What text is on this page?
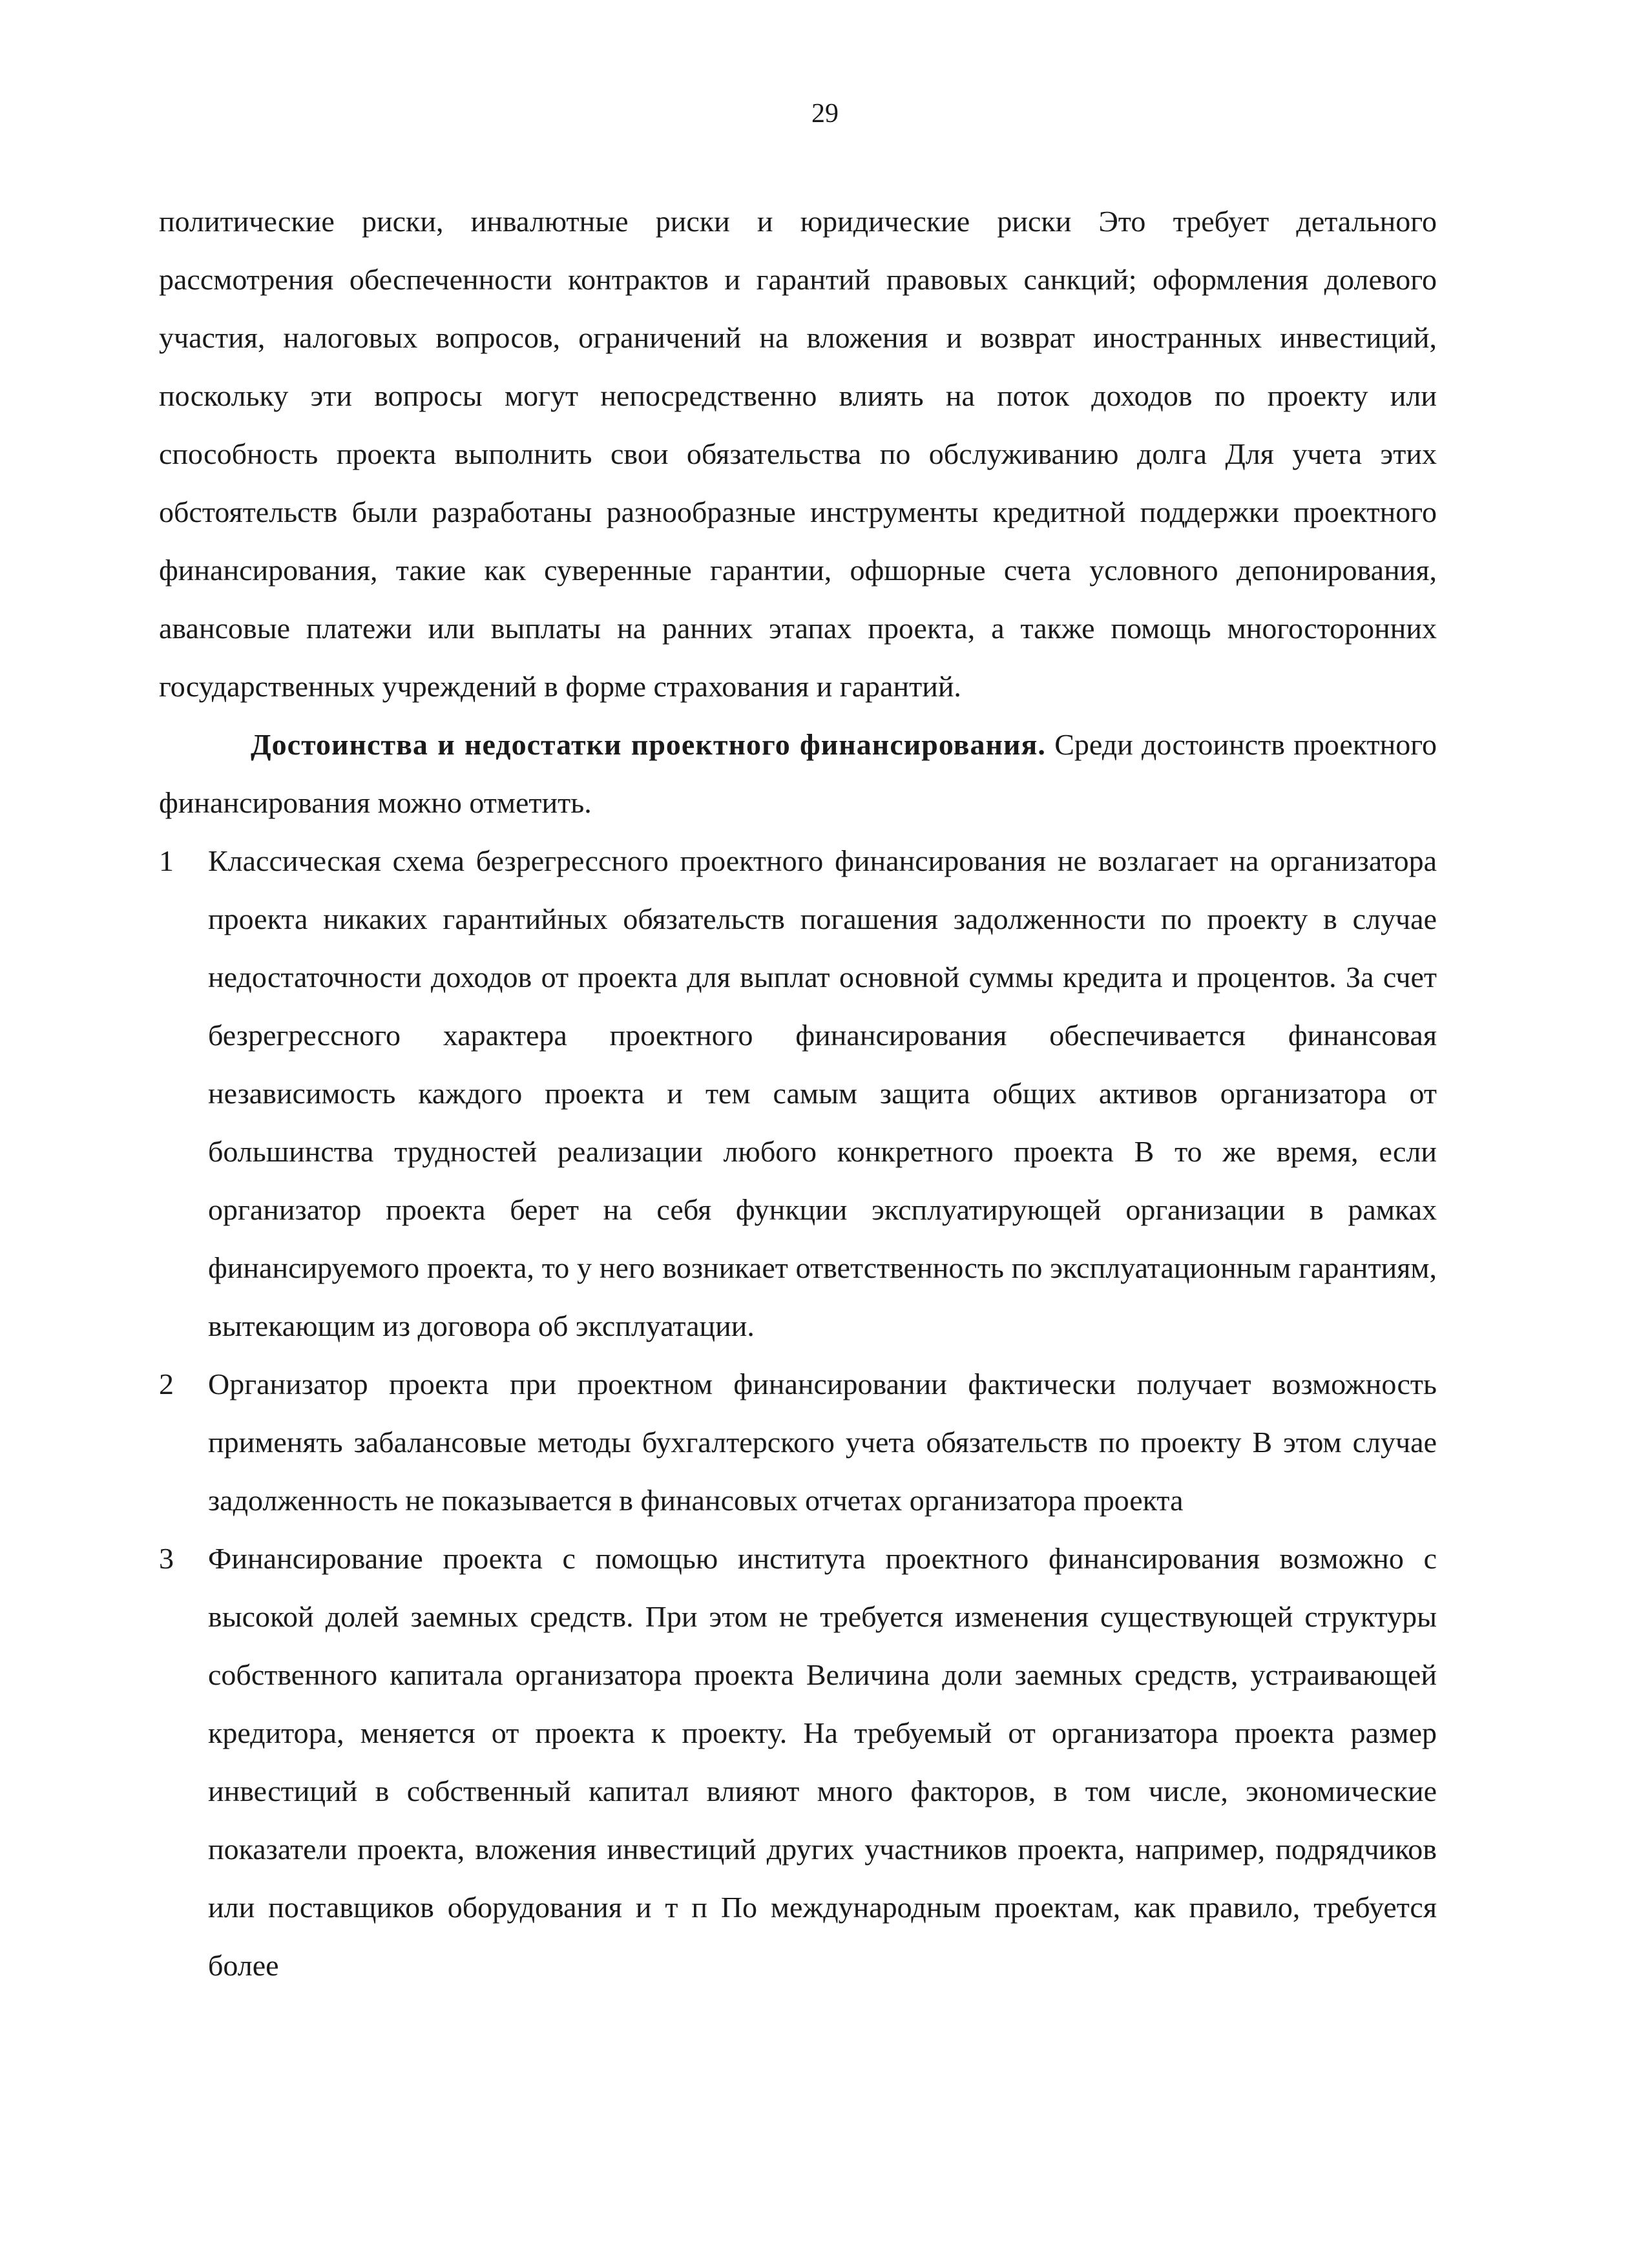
29

политические риски, инвалютные риски и юридические риски Это требует детального рассмотрения обеспеченности контрактов и гарантий правовых санкций; оформления долевого участия, налоговых вопросов, ограничений на вложения и возврат иностранных инвестиций, поскольку эти вопросы могут непосредственно влиять на поток доходов по проекту или способность проекта выполнить свои обязательства по обслуживанию долга Для учета этих обстоятельств были разработаны разнообразные инструменты кредитной поддержки проектного финансирования, такие как суверенные гарантии, офшорные счета условного депонирования, авансовые платежи или выплаты на ранних этапах проекта, а также помощь многосторонних государственных учреждений в форме страхования и гарантий.

Достоинства и недостатки проектного финансирования. Среди достоинств проектного финансирования можно отметить.

1 Классическая схема безрегрессного проектного финансирования не возлагает на организатора проекта никаких гарантийных обязательств погашения задолженности по проекту в случае недостаточности доходов от проекта для выплат основной суммы кредита и процентов. За счет безрегрессного характера проектного финансирования обеспечивается финансовая независимость каждого проекта и тем самым защита общих активов организатора от большинства трудностей реализации любого конкретного проекта В то же время, если организатор проекта берет на себя функции эксплуатирующей организации в рамках финансируемого проекта, то у него возникает ответственность по эксплуатационным гарантиям, вытекающим из договора об эксплуатации.

2 Организатор проекта при проектном финансировании фактически получает возможность применять забалансовые методы бухгалтерского учета обязательств по проекту В этом случае задолженность не показывается в финансовых отчетах организатора проекта

3 Финансирование проекта с помощью института проектного финансирования возможно с высокой долей заемных средств. При этом не требуется изменения существующей структуры собственного капитала организатора проекта Величина доли заемных средств, устраивающей кредитора, меняется от проекта к проекту. На требуемый от организатора проекта размер инвестиций в собственный капитал влияют много факторов, в том числе, экономические показатели проекта, вложения инвестиций других участников проекта, например, подрядчиков или поставщиков оборудования и т п По международным проектам, как правило, требуется более
